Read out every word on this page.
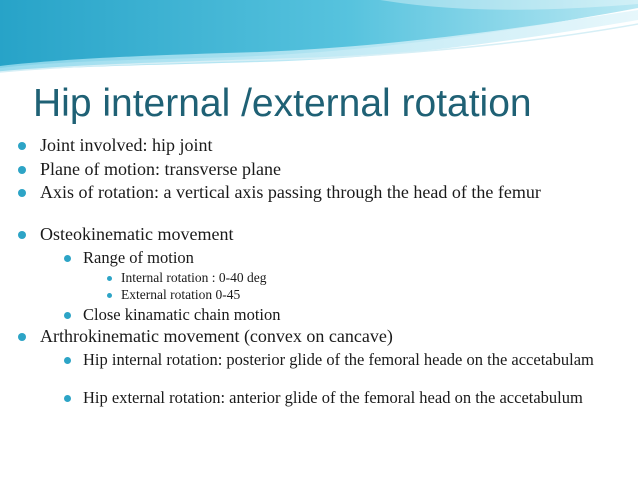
Hip internal /external rotation

Joint involved: hip joint

Plane of motion: transverse plane

Axis of rotation: a vertical axis passing through the head of the femur

Osteokinematic movement

Range of motion

Internal rotation : 0-40 deg

External rotation 0-45

Close kinamatic chain motion

Arthrokinematic movement (convex on cancave)

Hip internal rotation: posterior glide of the femoral heade on the accetabulam

Hip external rotation: anterior glide of the femoral head on the accetabulum
